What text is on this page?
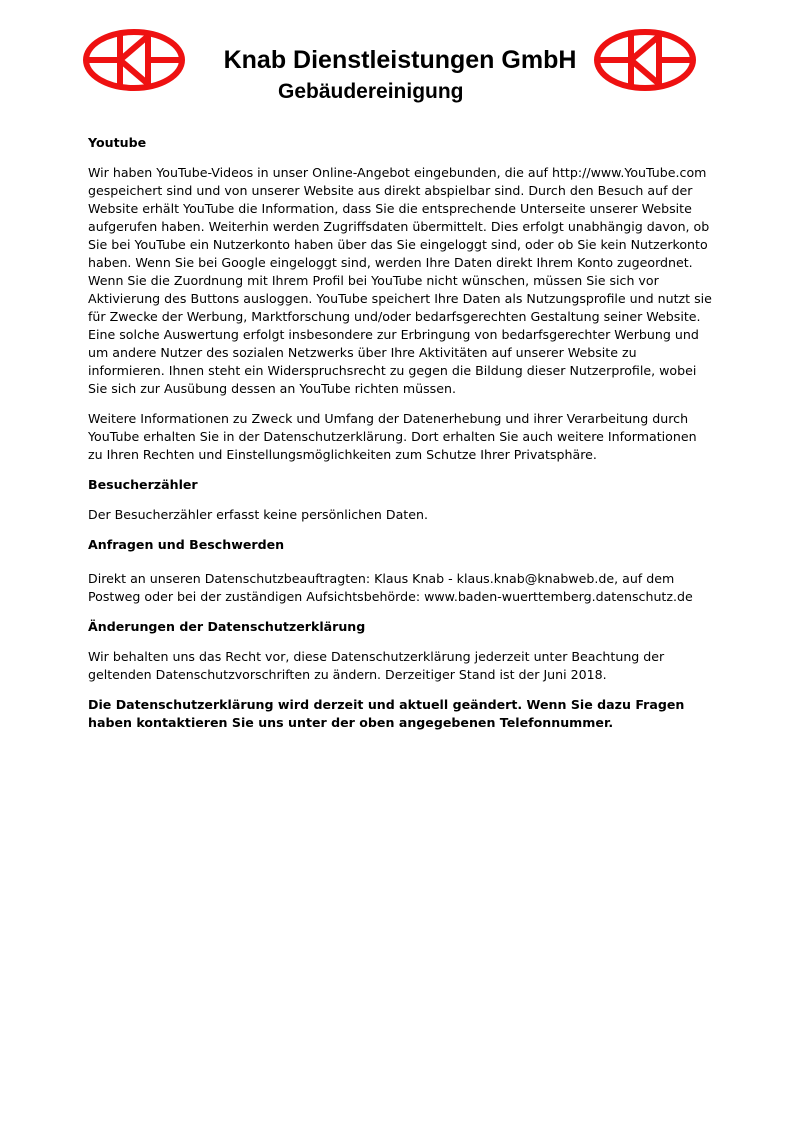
Knab Dienstleistungen GmbH
Gebäudereinigung
Youtube

Wir haben YouTube-Videos in unser Online-Angebot eingebunden, die auf http://www.YouTube.com gespeichert sind und von unserer Website aus direkt abspielbar sind. Durch den Besuch auf der Website erhält YouTube die Information, dass Sie die entsprechende Unterseite unserer Website aufgerufen haben. Weiterhin werden Zugriffsdaten übermittelt. Dies erfolgt unabhängig davon, ob Sie bei YouTube ein Nutzerkonto haben über das Sie eingeloggt sind, oder ob Sie kein Nutzerkonto haben. Wenn Sie bei Google eingeloggt sind, werden Ihre Daten direkt Ihrem Konto zugeordnet. Wenn Sie die Zuordnung mit Ihrem Profil bei YouTube nicht wünschen, müssen Sie sich vor Aktivierung des Buttons ausloggen. YouTube speichert Ihre Daten als Nutzungsprofile und nutzt sie für Zwecke der Werbung, Marktforschung und/oder bedarfsgerechten Gestaltung seiner Website. Eine solche Auswertung erfolgt insbesondere zur Erbringung von bedarfsgerechter Werbung und um andere Nutzer des sozialen Netzwerks über Ihre Aktivitäten auf unserer Website zu informieren. Ihnen steht ein Widerspruchsrecht zu gegen die Bildung dieser Nutzerprofile, wobei Sie sich zur Ausübung dessen an YouTube richten müssen.

Weitere Informationen zu Zweck und Umfang der Datenerhebung und ihrer Verarbeitung durch YouTube erhalten Sie in der Datenschutzerklärung. Dort erhalten Sie auch weitere Informationen zu Ihren Rechten und Einstellungsmöglichkeiten zum Schutze Ihrer Privatsphäre.

Besucherzähler

Der Besucherzähler erfasst keine persönlichen Daten.

Anfragen und Beschwerden

Direkt an unseren Datenschutzbeauftragten: Klaus Knab - klaus.knab@knabweb.de, auf dem Postweg oder bei der zuständigen Aufsichtsbehörde: www.baden-wuerttemberg.datenschutz.de

Änderungen der Datenschutzerklärung

Wir behalten uns das Recht vor, diese Datenschutzerklärung jederzeit unter Beachtung der geltenden Datenschutzvorschriften zu ändern. Derzeitiger Stand ist der Juni 2018.

Die Datenschutzerklärung wird derzeit und aktuell geändert. Wenn Sie dazu Fragen haben kontaktieren Sie uns unter der oben angegebenen Telefonnummer.
